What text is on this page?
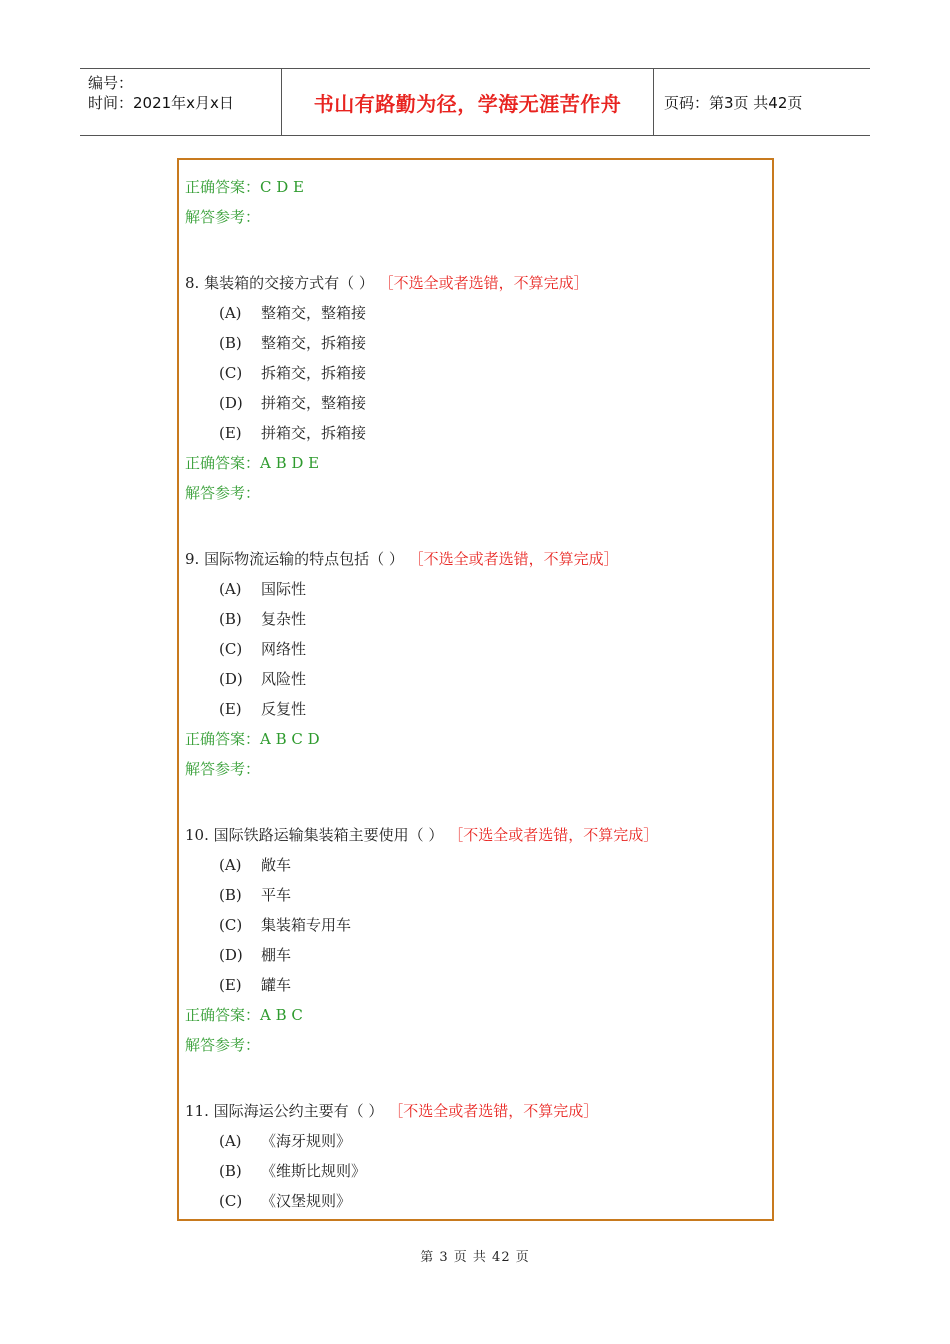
编号：
时间：2021年x月x日	书山有路勤为径，学海无涯苦作舟	页码：第3页 共42页
正确答案：C D E
解答参考：
8. 集装箱的交接方式有（ ） ［不选全或者选错，不算完成］
(A) 整箱交，整箱接
(B) 整箱交，拆箱接
(C) 拆箱交，拆箱接
(D) 拼箱交，整箱接
(E) 拼箱交，拆箱接
正确答案：A B D E
解答参考：
9. 国际物流运输的特点包括（ ） ［不选全或者选错，不算完成］
(A) 国际性
(B) 复杂性
(C) 网络性
(D) 风险性
(E) 反复性
正确答案：A B C D
解答参考：
10. 国际铁路运输集装箱主要使用（ ） ［不选全或者选错，不算完成］
(A) 敞车
(B) 平车
(C) 集装箱专用车
(D) 棚车
(E) 罐车
正确答案：A B C
解答参考：
11. 国际海运公约主要有（ ） ［不选全或者选错，不算完成］
(A) 《海牙规则》
(B) 《维斯比规则》
(C) 《汉堡规则》
第 3 页 共 42 页
